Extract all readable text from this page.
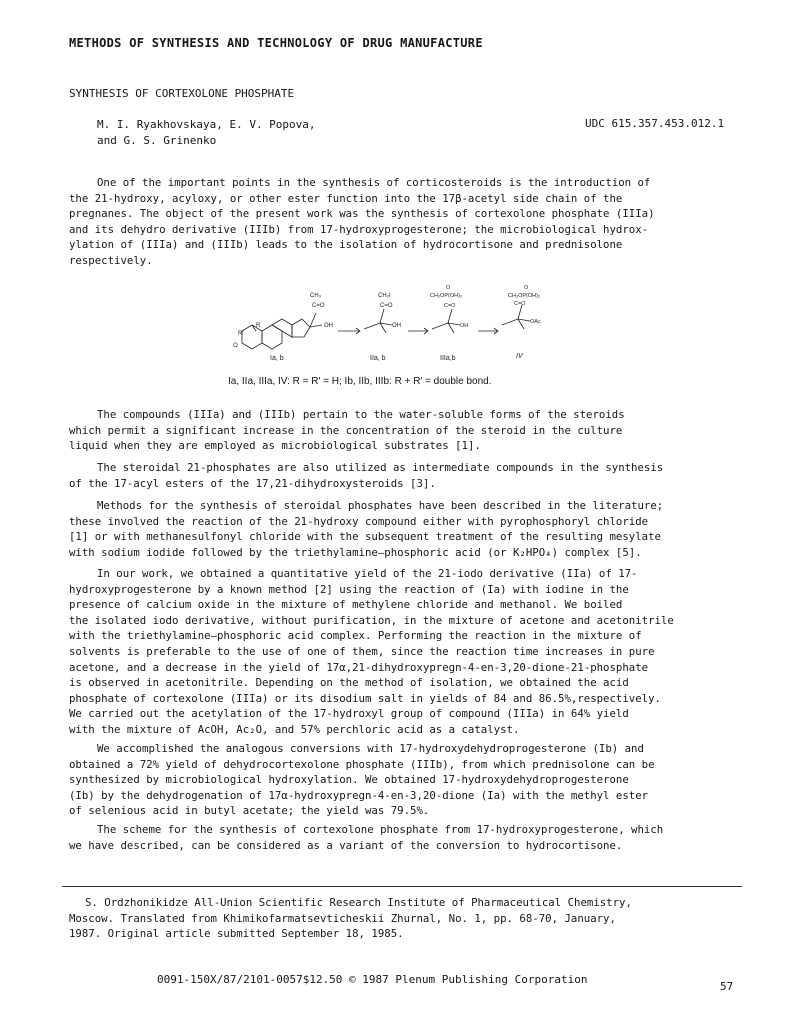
METHODS OF SYNTHESIS AND TECHNOLOGY OF DRUG MANUFACTURE
SYNTHESIS OF CORTEXOLONE PHOSPHATE
M. I. Ryakhovskaya, E. V. Popova,
and G. S. Grinenko
UDC 615.357.453.012.1
One of the important points in the synthesis of corticosteroids is the introduction of
the 21-hydroxy, acyloxy, or other ester function into the 17β-acetyl side chain of the
pregnanes. The object of the present work was the synthesis of cortexolone phosphate (IIIa)
and its dehydro derivative (IIIb) from 17-hydroxyprogesterone; the microbiological hydrox-
ylation of (IIIa) and (IIIb) leads to the isolation of hydrocortisone and prednisolone
respectively.
CH₃
C=O
OH
O
R
R'
Ia, b
CH₂I
C=O
OH
IIa, b
O
CH₂OP(OH)₂
C=O
OH
IIIa,b
O
CH₂OP(OH)₂
C=O
OAc
IV
Ia, IIa, IIIa, IV: R = R′ = H; Ib, IIb, IIIb: R + R′ = double bond.
The compounds (IIIa) and (IIIb) pertain to the water-soluble forms of the steroids
which permit a significant increase in the concentration of the steroid in the culture
liquid when they are employed as microbiological substrates [1].
The steroidal 21-phosphates are also utilized as intermediate compounds in the synthesis
of the 17-acyl esters of the 17,21-dihydroxysteroids [3].
Methods for the synthesis of steroidal phosphates have been described in the literature;
these involved the reaction of the 21-hydroxy compound either with pyrophosphoryl chloride
[1] or with methanesulfonyl chloride with the subsequent treatment of the resulting mesylate
with sodium iodide followed by the triethylamine—phosphoric acid (or K₂HPO₄) complex [5].
In our work, we obtained a quantitative yield of the 21-iodo derivative (IIa) of 17-
hydroxyprogesterone by a known method [2] using the reaction of (Ia) with iodine in the
presence of calcium oxide in the mixture of methylene chloride and methanol. We boiled
the isolated iodo derivative, without purification, in the mixture of acetone and acetonitrile
with the triethylamine—phosphoric acid complex. Performing the reaction in the mixture of
solvents is preferable to the use of one of them, since the reaction time increases in pure
acetone, and a decrease in the yield of 17α,21-dihydroxypregn-4-en-3,20-dione-21-phosphate
is observed in acetonitrile. Depending on the method of isolation, we obtained the acid
phosphate of cortexolone (IIIa) or its disodium salt in yields of 84 and 86.5%,respectively.
We carried out the acetylation of the 17-hydroxyl group of compound (IIIa) in 64% yield
with the mixture of AcOH, Ac₂O, and 57% perchloric acid as a catalyst.
We accomplished the analogous conversions with 17-hydroxydehydroprogesterone (Ib) and
obtained a 72% yield of dehydrocortexolone phosphate (IIIb), from which prednisolone can be
synthesized by microbiological hydroxylation. We obtained 17-hydroxydehydroprogesterone
(Ib) by the dehydrogenation of 17α-hydroxypregn-4-en-3,20-dione (Ia) with the methyl ester
of selenious acid in butyl acetate; the yield was 79.5%.
The scheme for the synthesis of cortexolone phosphate from 17-hydroxyprogesterone, which
we have described, can be considered as a variant of the conversion to hydrocortisone.
S. Ordzhonikidze All-Union Scientific Research Institute of Pharmaceutical Chemistry,
Moscow. Translated from Khimikofarmatsevticheskii Zhurnal, No. 1, pp. 68-70, January,
1987. Original article submitted September 18, 1985.
0091-150X/87/2101-0057$12.50 © 1987 Plenum Publishing Corporation
57
